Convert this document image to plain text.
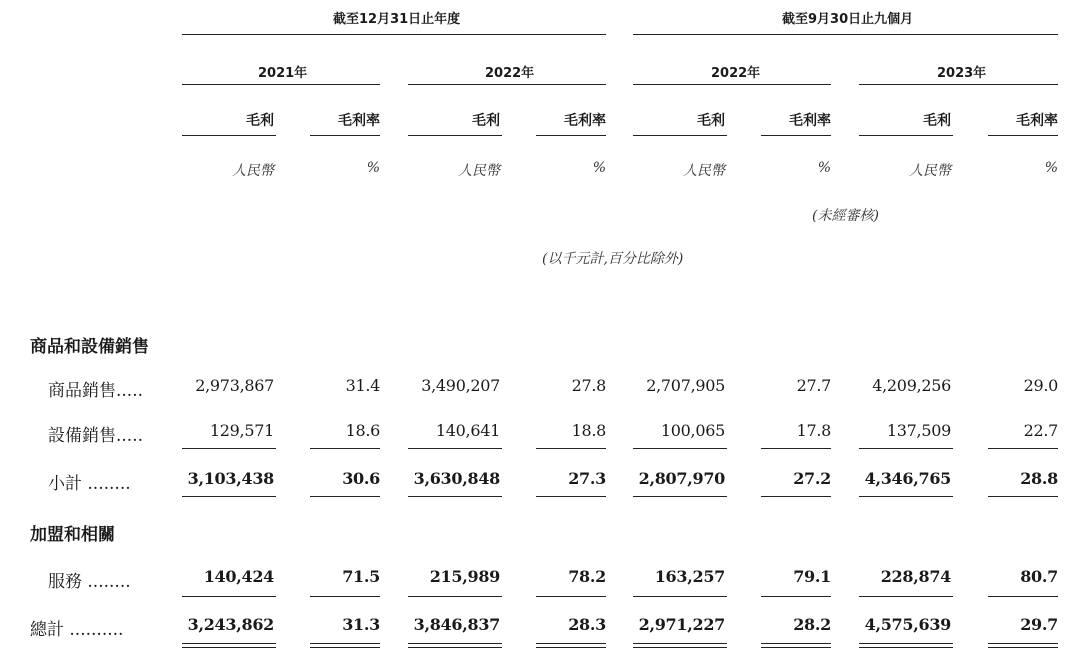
截至12月31日止年度	截至9月30日止九個月
2021年	2022年	2022年	2023年
毛利	毛利率	毛利	毛利率	毛利	毛利率	毛利	毛利率
人民幣	%	人民幣	%	人民幣	%	人民幣	%
(未經審核)
(以千元計,百分比除外)
商品和設備銷售
商品銷售.....	2,973,867	31.4	3,490,207	27.8	2,707,905	27.7	4,209,256	29.0
設備銷售.....	129,571	18.6	140,641	18.8	100,065	17.8	137,509	22.7
小計 ........	3,103,438	30.6	3,630,848	27.3	2,807,970	27.2	4,346,765	28.8
加盟和相關
服務 ........	140,424	71.5	215,989	78.2	163,257	79.1	228,874	80.7
總計 ..........	3,243,862	31.3	3,846,837	28.3	2,971,227	28.2	4,575,639	29.7
